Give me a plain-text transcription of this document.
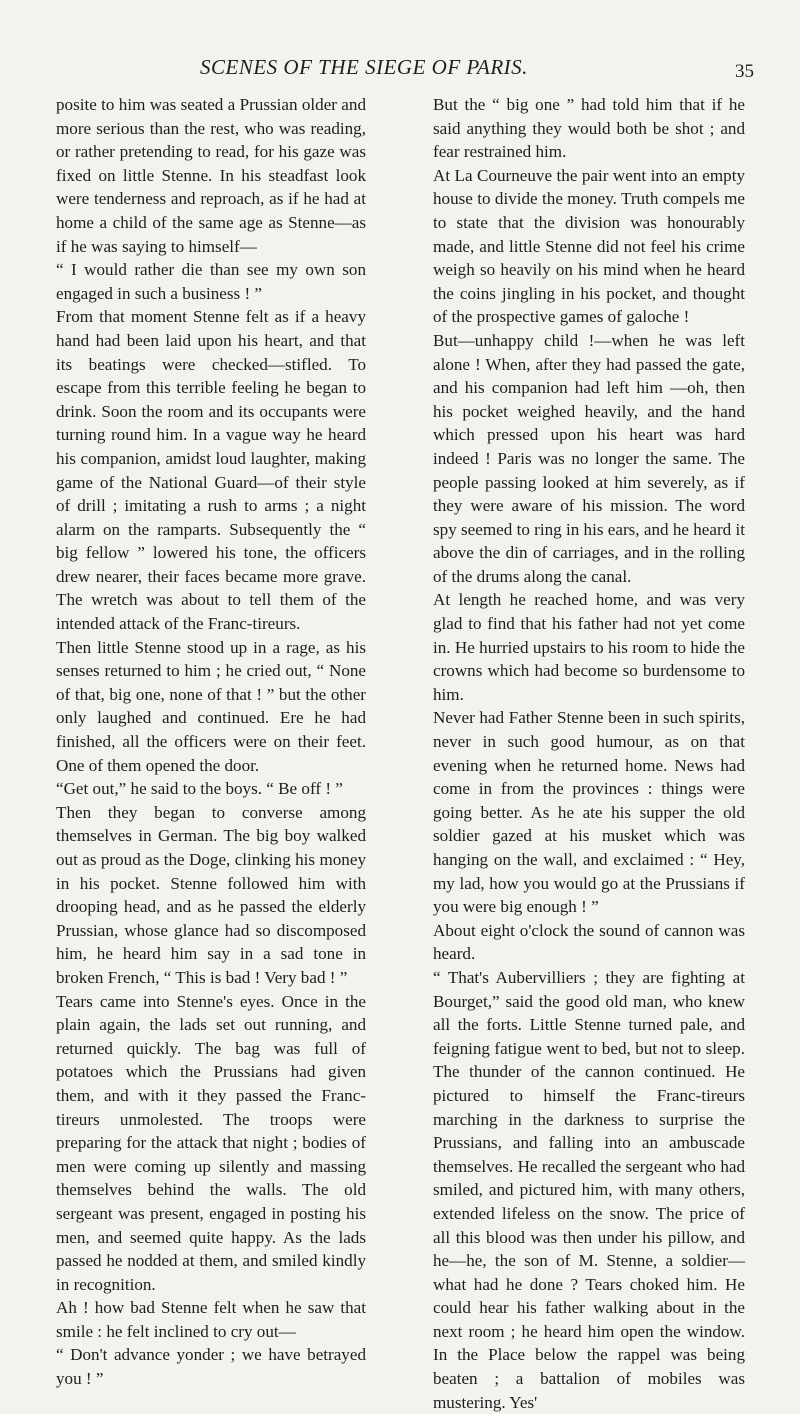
SCENES OF THE SIEGE OF PARIS.	35

posite to him was seated a Prussian older and more serious than the rest, who was reading, or rather pretending to read, for his gaze was fixed on little Stenne. In his steadfast look were tenderness and reproach, as if he had at home a child of the same age as Stenne—as if he was saying to himself—

“ I would rather die than see my own son engaged in such a business ! ”

From that moment Stenne felt as if a heavy hand had been laid upon his heart, and that its beatings were checked—stifled. To escape from this terrible feeling he began to drink. Soon the room and its occupants were turning round him. In a vague way he heard his companion, amidst loud laughter, making game of the National Guard—of their style of drill ; imitating a rush to arms ; a night alarm on the ramparts. Subsequently the “ big fellow ” lowered his tone, the officers drew nearer, their faces became more grave. The wretch was about to tell them of the intended attack of the Franc-tireurs.

Then little Stenne stood up in a rage, as his senses returned to him ; he cried out, “ None of that, big one, none of that ! ” but the other only laughed and continued. Ere he had finished, all the officers were on their feet. One of them opened the door.

“Get out,” he said to the boys. “ Be off ! ”

Then they began to converse among themselves in German. The big boy walked out as proud as the Doge, clinking his money in his pocket. Stenne followed him with drooping head, and as he passed the elderly Prussian, whose glance had so discomposed him, he heard him say in a sad tone in broken French, “ This is bad ! Very bad ! ”

Tears came into Stenne's eyes. Once in the plain again, the lads set out running, and returned quickly. The bag was full of potatoes which the Prussians had given them, and with it they passed the Franc-tireurs unmolested. The troops were preparing for the attack that night ; bodies of men were coming up silently and massing themselves behind the walls. The old sergeant was present, engaged in posting his men, and seemed quite happy. As the lads passed he nodded at them, and smiled kindly in recognition.

Ah ! how bad Stenne felt when he saw that smile : he felt inclined to cry out—

“ Don't advance yonder ; we have betrayed you ! ”

But the “ big one ” had told him that if he said anything they would both be shot ; and fear restrained him.

At La Courneuve the pair went into an empty house to divide the money. Truth compels me to state that the division was honourably made, and little Stenne did not feel his crime weigh so heavily on his mind when he heard the coins jingling in his pocket, and thought of the prospective games of galoche !

But—unhappy child !—when he was left alone ! When, after they had passed the gate, and his companion had left him —oh, then his pocket weighed heavily, and the hand which pressed upon his heart was hard indeed ! Paris was no longer the same. The people passing looked at him severely, as if they were aware of his mission. The word spy seemed to ring in his ears, and he heard it above the din of carriages, and in the rolling of the drums along the canal.

At length he reached home, and was very glad to find that his father had not yet come in. He hurried upstairs to his room to hide the crowns which had become so burdensome to him.

Never had Father Stenne been in such spirits, never in such good humour, as on that evening when he returned home. News had come in from the provinces : things were going better. As he ate his supper the old soldier gazed at his musket which was hanging on the wall, and exclaimed : “ Hey, my lad, how you would go at the Prussians if you were big enough ! ”

About eight o'clock the sound of cannon was heard.

“ That's Aubervilliers ; they are fighting at Bourget,” said the good old man, who knew all the forts. Little Stenne turned pale, and feigning fatigue went to bed, but not to sleep. The thunder of the cannon continued. He pictured to himself the Franc-tireurs marching in the darkness to surprise the Prussians, and falling into an ambuscade themselves. He recalled the sergeant who had smiled, and pictured him, with many others, extended lifeless on the snow. The price of all this blood was then under his pillow, and he—he, the son of M. Stenne, a soldier—what had he done ? Tears choked him. He could hear his father walking about in the next room ; he heard him open the window. In the Place below the rappel was being beaten ; a battalion of mobiles was mustering. Yes'
